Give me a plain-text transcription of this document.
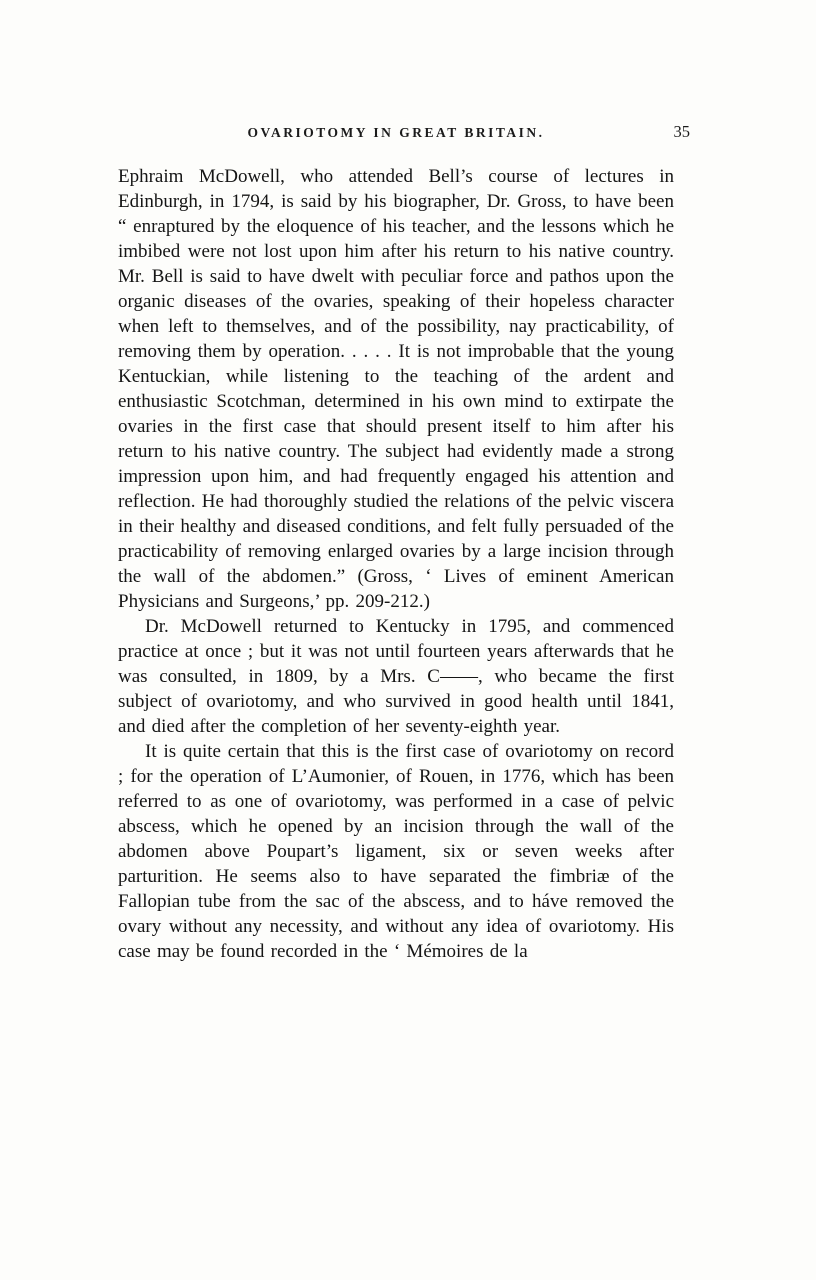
OVARIOTOMY IN GREAT BRITAIN.	35

Ephraim McDowell, who attended Bell’s course of lectures in Edinburgh, in 1794, is said by his biographer, Dr. Gross, to have been “ enraptured by the eloquence of his teacher, and the lessons which he imbibed were not lost upon him after his return to his native country. Mr. Bell is said to have dwelt with peculiar force and pathos upon the organic diseases of the ovaries, speaking of their hopeless character when left to themselves, and of the possibility, nay practicability, of removing them by operation. . . . . It is not improbable that the young Kentuckian, while listening to the teaching of the ardent and enthusiastic Scotchman, determined in his own mind to extirpate the ovaries in the first case that should present itself to him after his return to his native country. The subject had evidently made a strong impression upon him, and had frequently engaged his attention and reflection. He had thoroughly studied the relations of the pelvic viscera in their healthy and diseased conditions, and felt fully persuaded of the practicability of removing enlarged ovaries by a large incision through the wall of the abdomen.” (Gross, ‘ Lives of eminent American Physicians and Surgeons,’ pp. 209-212.)

Dr. McDowell returned to Kentucky in 1795, and commenced practice at once ; but it was not until fourteen years afterwards that he was consulted, in 1809, by a Mrs. C——, who became the first subject of ovariotomy, and who survived in good health until 1841, and died after the completion of her seventy-eighth year.

It is quite certain that this is the first case of ovariotomy on record ; for the operation of L’Aumonier, of Rouen, in 1776, which has been referred to as one of ovariotomy, was performed in a case of pelvic abscess, which he opened by an incision through the wall of the abdomen above Poupart’s ligament, six or seven weeks after parturition. He seems also to have separated the fimbriæ of the Fallopian tube from the sac of the abscess, and to háve removed the ovary without any necessity, and without any idea of ovariotomy. His case may be found recorded in the ‘ Mémoires de la
